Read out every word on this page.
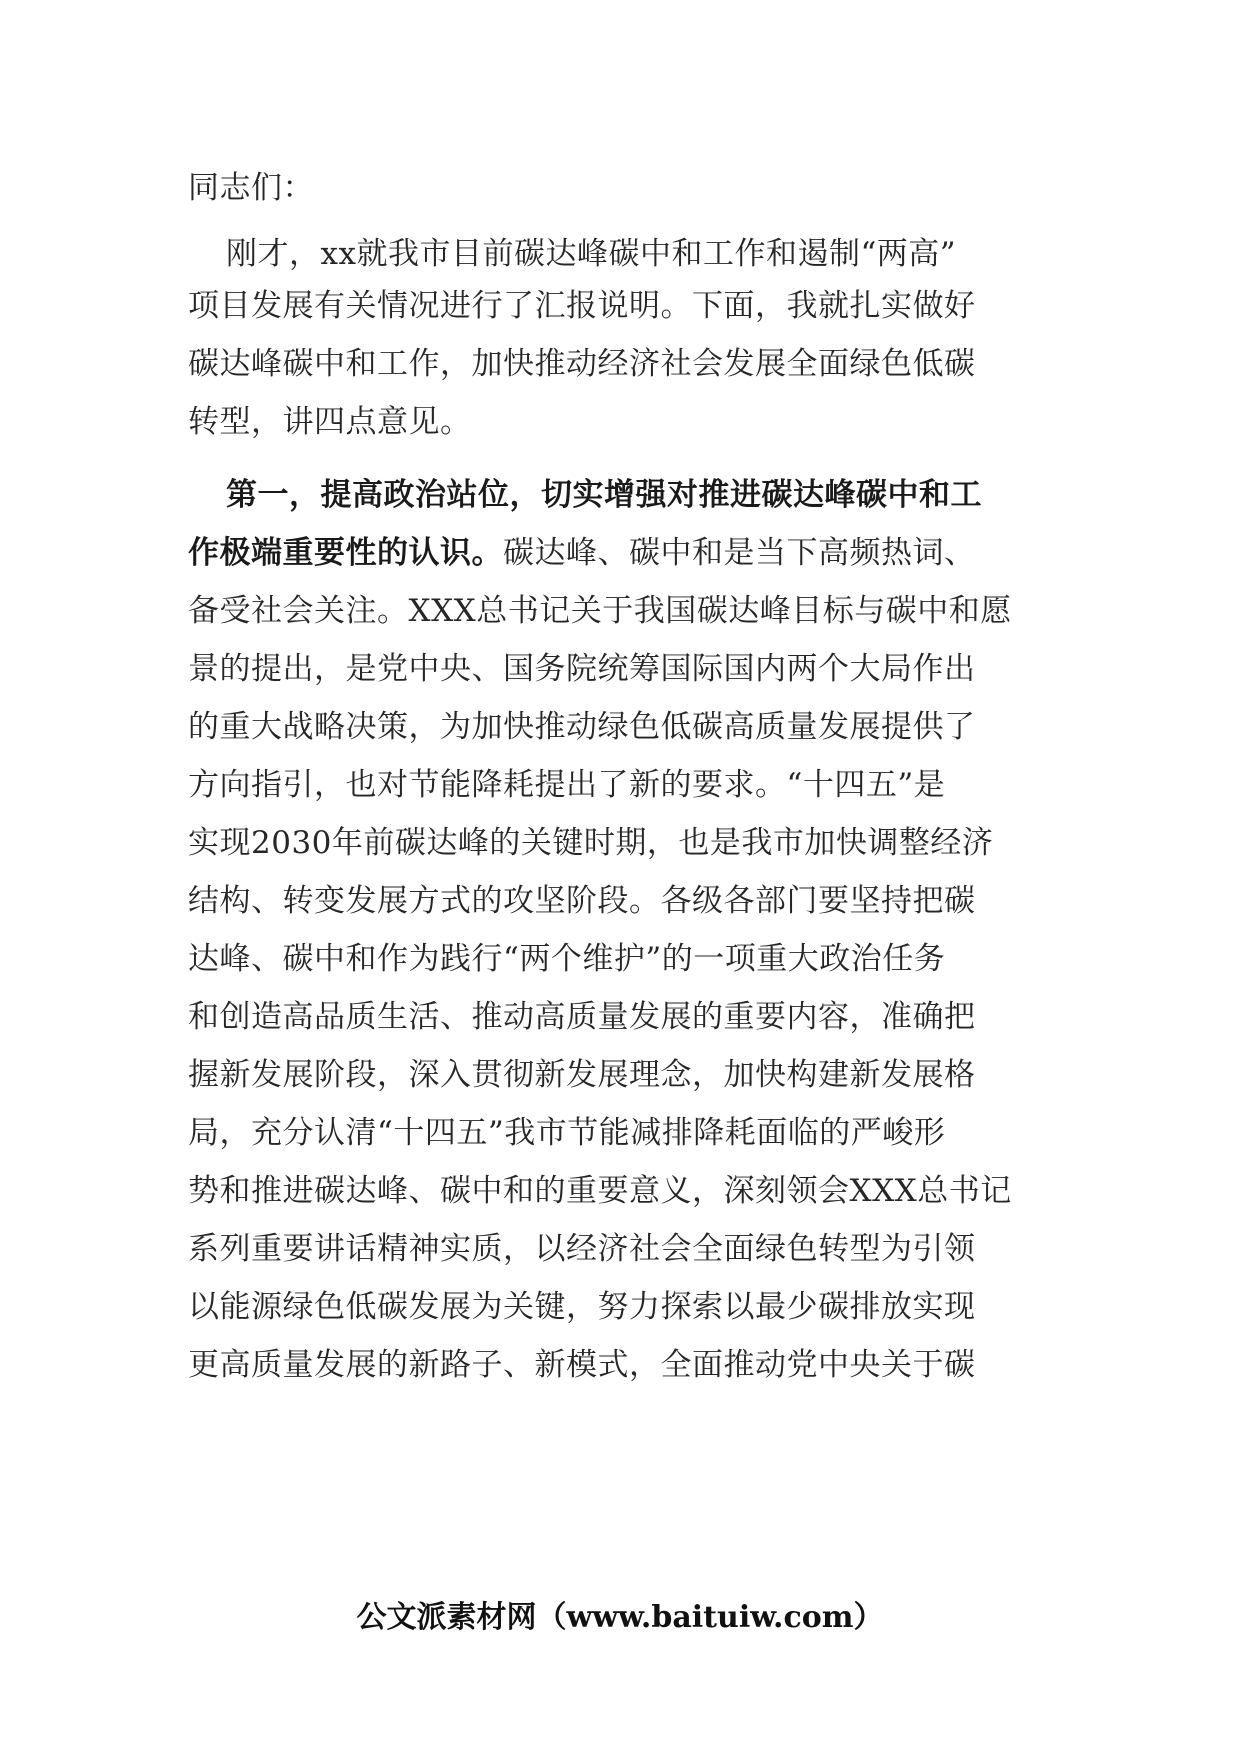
同志们：
刚才，xx就我市目前碳达峰碳中和工作和遏制“两高”
项目发展有关情况进行了汇报说明。下面，我就扎实做好
碳达峰碳中和工作，加快推动经济社会发展全面绿色低碳
转型，讲四点意见。
第一，提高政治站位，切实增强对推进碳达峰碳中和工
作极端重要性的认识。碳达峰、碳中和是当下高频热词、
备受社会关注。XXX总书记关于我国碳达峰目标与碳中和愿
景的提出，是党中央、国务院统筹国际国内两个大局作出
的重大战略决策，为加快推动绿色低碳高质量发展提供了
方向指引，也对节能降耗提出了新的要求。“十四五”是
实现2030年前碳达峰的关键时期，也是我市加快调整经济
结构、转变发展方式的攻坚阶段。各级各部门要坚持把碳
达峰、碳中和作为践行“两个维护”的一项重大政治任务
和创造高品质生活、推动高质量发展的重要内容，准确把
握新发展阶段，深入贯彻新发展理念，加快构建新发展格
局，充分认清“十四五”我市节能减排降耗面临的严峻形
势和推进碳达峰、碳中和的重要意义，深刻领会XXX总书记
系列重要讲话精神实质，以经济社会全面绿色转型为引领
以能源绿色低碳发展为关键，努力探索以最少碳排放实现
更高质量发展的新路子、新模式，全面推动党中央关于碳
公文派素材网（www.baituiw.com）
